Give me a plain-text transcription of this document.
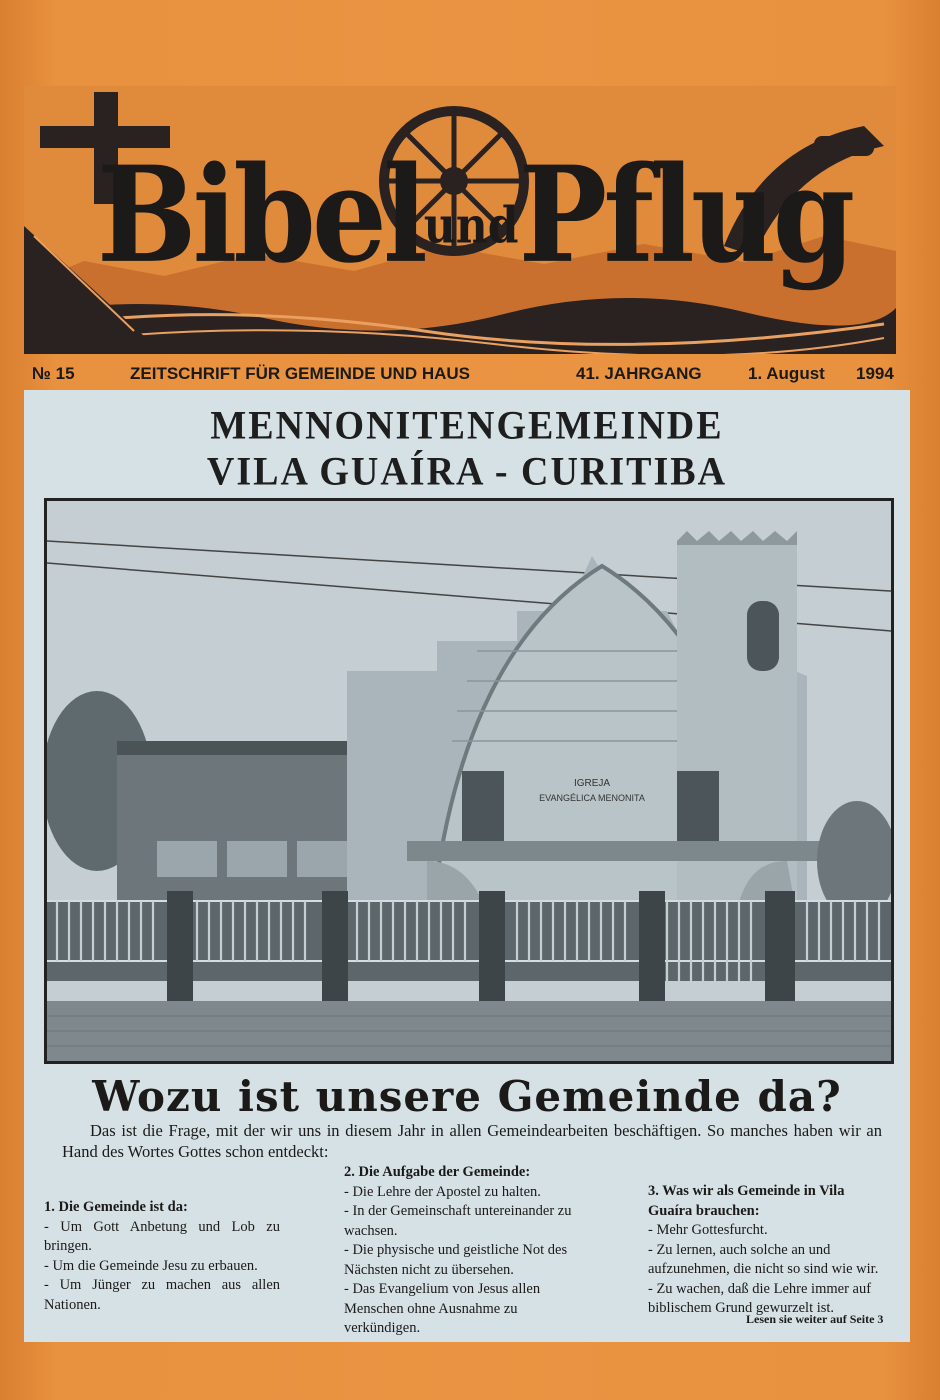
BibelundPflug
№ 15	ZEITSCHRIFT FÜR GEMEINDE UND HAUS	41. JAHRGANG	1. August 1994
MENNONITENGEMEINDE
VILA GUAÍRA - CURITIBA
IGREJA
EVANGÉLICA MENONITA
Wozu ist unsere Gemeinde da?
Das ist die Frage, mit der wir uns in diesem Jahr in allen Gemeindearbeiten beschäftigen. So manches haben wir an Hand des Wortes Gottes schon entdeckt:
1. Die Gemeinde ist da:
- Um Gott Anbetung und Lob zu bringen.
- Um die Gemeinde Jesu zu erbauen.
- Um Jünger zu machen aus allen Nationen.
2. Die Aufgabe der Gemeinde:
- Die Lehre der Apostel zu halten.
- In der Gemeinschaft untereinander zu wachsen.
- Die physische und geistliche Not des Nächsten nicht zu übersehen.
- Das Evangelium von Jesus allen Menschen ohne Ausnahme zu verkündigen.
3. Was wir als Gemeinde in Vila Guaíra brauchen:
- Mehr Gottesfurcht.
- Zu lernen, auch solche an und aufzunehmen, die nicht so sind wie wir.
- Zu wachen, daß die Lehre immer auf biblischem Grund gewurzelt ist.
Lesen sie weiter auf Seite 3
